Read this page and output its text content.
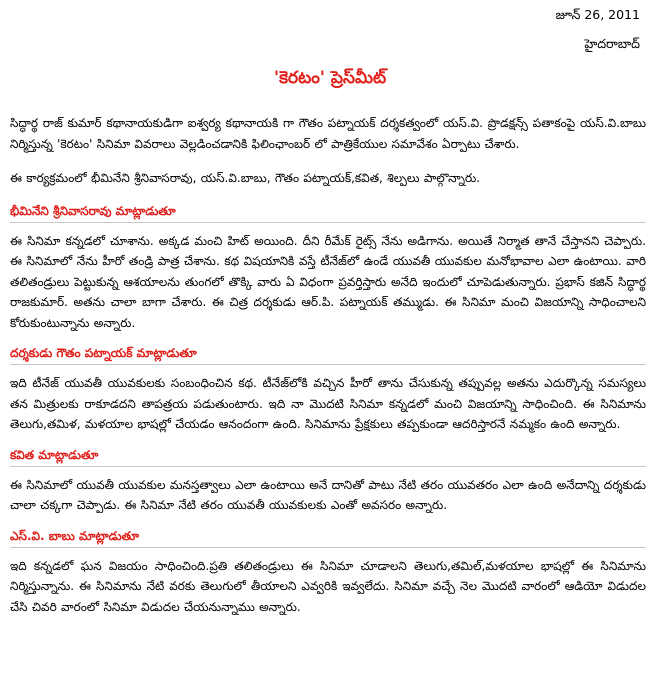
జూన్ 26, 2011
హైదరాబాద్
'కెరటం' ప్రెస్‌మీట్

సిద్ధార్థ రాజ్ కుమార్ కథానాయకుడిగా ఐశ్వర్య కథానాయకి గా గౌతం పట్నాయక్ దర్శకత్వంలో యస్.వి. ప్రొడక్షన్స్ పతాకంపై యస్.వి.బాబు నిర్మిస్తున్న 'కెరటం' సినిమా వివరాలు వెల్లడించడానికి ఫిలింఛాంబర్ లో పాత్రికేయుల సమావేశం ఏర్పాటు చేశారు.

ఈ కార్యక్రమంలో భీమినేని శ్రీనివాసరావు, యస్.వి.బాబు, గౌతం పట్నాయక్,కవిత, శిల్పలు పాల్గొన్నారు.

భీమినేని శ్రీనివాసరావు మాట్లాడుతూ

ఈ సినిమా కన్నడలో చూశాను. అక్కడ మంచి హిట్ అయింది. దీని రీమేక్ రైట్స్ నేను అడిగాను. అయితే నిర్మాత తానే చేస్తానని చెప్పారు. ఈ సినిమాలో నేను హీరో తండ్రి పాత్ర చేశాను. కథ విషయానికి వస్తే టీనేజ్‌లో ఉండే యువతీ యువకుల మనోభావాల ఎలా ఉంటాయి. వారి తలితండ్రులు పెట్టుకున్న ఆశయాలను తుంగలో తొక్కి వారు ఏ విధంగా ప్రవర్తిస్తారు అనేది ఇందులో చూపెడుతున్నారు. ప్రభాస్ కజిన్ సిద్ధార్థ రాజకుమార్. అతను చాలా బాగా చేశారు. ఈ చిత్ర దర్శకుడు ఆర్.పి. పట్నాయక్ తమ్ముడు. ఈ సినిమా మంచి విజయాన్ని సాధించాలని కోరుకుంటున్నాను అన్నారు.

దర్శకుడు గౌతం పట్నాయక్ మాట్లాడుతూ

ఇది టీనేజ్ యువతీ యువకులకు సంబంధించిన కథ. టీనేజ్‌లోకి వచ్చిన హీరో తాను చేసుకున్న తప్పువల్ల అతను ఎదుర్కొన్న సమస్యలు తన మిత్రులకు రాకూడదని తాపత్రయ పడుతుంటారు. ఇది నా మొదటి సినిమా కన్నడలో మంచి విజయాన్ని సాధించింది. ఈ సినిమాను తెలుగు,తమిళ, మళయాల భాషల్లో చేయడం ఆనందంగా ఉంది. సినిమాను ప్రేక్షకులు తప్పకుండా ఆదరిస్తారనే నమ్మకం ఉంది అన్నారు.

కవిత మాట్లాడుతూ

ఈ సినిమాలో యువతీ యువకుల మనస్తత్వాలు ఎలా ఉంటాయి అనే దానితో పాటు నేటి తరం యువతరం ఎలా ఉంది అనేదాన్ని దర్శకుడు చాలా చక్కగా చెప్పాడు. ఈ సినిమా నేటి తరం యువతీ యువకులకు ఎంతో అవసరం అన్నారు.

ఎస్.వి. బాబు మాట్లాడుతూ

ఇది కన్నడలో ఘన విజయం సాధించింది.ప్రతి తలితండ్రులు ఈ సినిమా చూడాలని తెలుగు,తమిల్,మళయాల భాషల్లో ఈ సినిమాను నిర్మిస్తున్నాను. ఈ సినిమాను నేటి వరకు తెలుగులో తీయాలని ఎవ్వరికి ఇవ్వలేదు. సినిమా వచ్చే నెల మొదటి వారంలో ఆడియో విడుదల చేసి చివరి వారంలో సినిమా విడుదల చేయనున్నాము అన్నారు.
